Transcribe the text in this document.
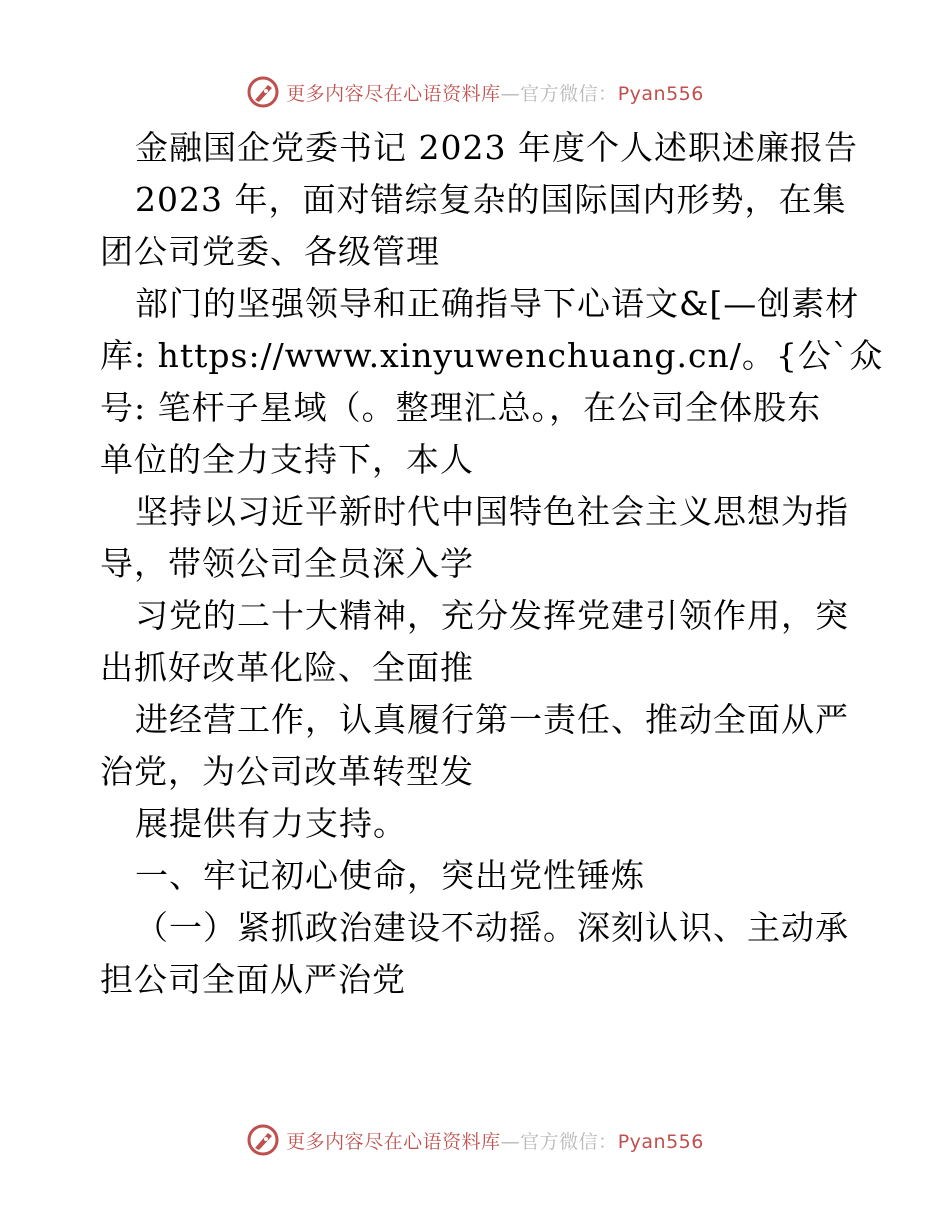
更多内容尽在心语资料库—官方微信：Pyan556
金融国企党委书记 2023 年度个人述职述廉报告
2023 年，面对错综复杂的国际国内形势，在集
团公司党委、各级管理
部门的坚强领导和正确指导下心语文&[—创素材
库: https://www.xinyuwenchuang.cn/。{公`众
号: 笔杆子星域（。整理汇总。，在公司全体股东
单位的全力支持下，本人
坚持以习近平新时代中国特色社会主义思想为指
导，带领公司全员深入学
习党的二十大精神，充分发挥党建引领作用，突
出抓好改革化险、全面推
进经营工作，认真履行第一责任、推动全面从严
治党，为公司改革转型发
展提供有力支持。
一、牢记初心使命，突出党性锤炼
（一）紧抓政治建设不动摇。深刻认识、主动承
担公司全面从严治党
更多内容尽在心语资料库—官方微信：Pyan556
